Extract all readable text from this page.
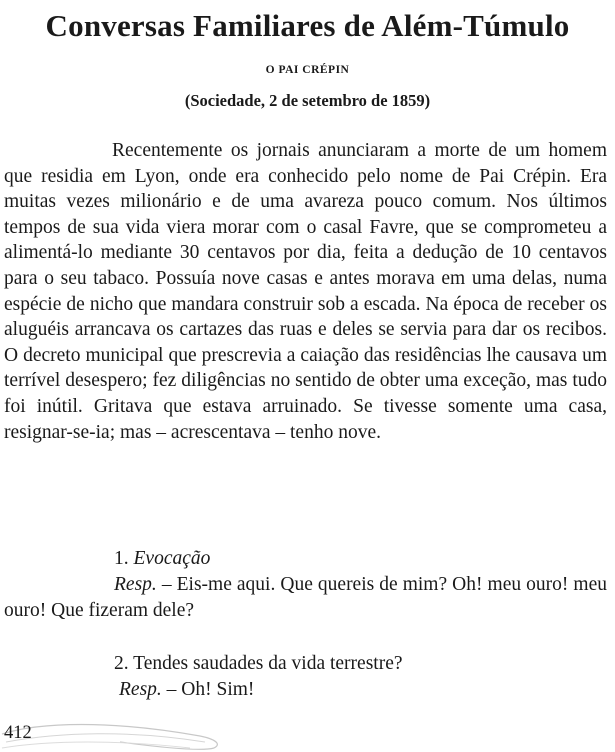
Conversas Familiares de Além-Túmulo
O PAI CRÉPIN
(Sociedade, 2 de setembro de 1859)

Recentemente os jornais anunciaram a morte de um homem que residia em Lyon, onde era conhecido pelo nome de Pai Crépin. Era muitas vezes milionário e de uma avareza pouco comum. Nos últimos tempos de sua vida viera morar com o casal Favre, que se comprometeu a alimentá-lo mediante 30 centavos por dia, feita a dedução de 10 centavos para o seu tabaco. Possuía nove casas e antes morava em uma delas, numa espécie de nicho que mandara construir sob a escada. Na época de receber os aluguéis arrancava os cartazes das ruas e deles se servia para dar os recibos. O decreto municipal que prescrevia a caiação das residências lhe causava um terrível desespero; fez diligências no sentido de obter uma exceção, mas tudo foi inútil. Gritava que estava arruinado. Se tivesse somente uma casa, resignar-se-ia; mas – acrescentava – tenho nove.

1. Evocação

Resp. – Eis-me aqui. Que quereis de mim? Oh! meu ouro! meu ouro! Que fizeram dele?

2. Tendes saudades da vida terrestre?

Resp. – Oh! Sim!

412
